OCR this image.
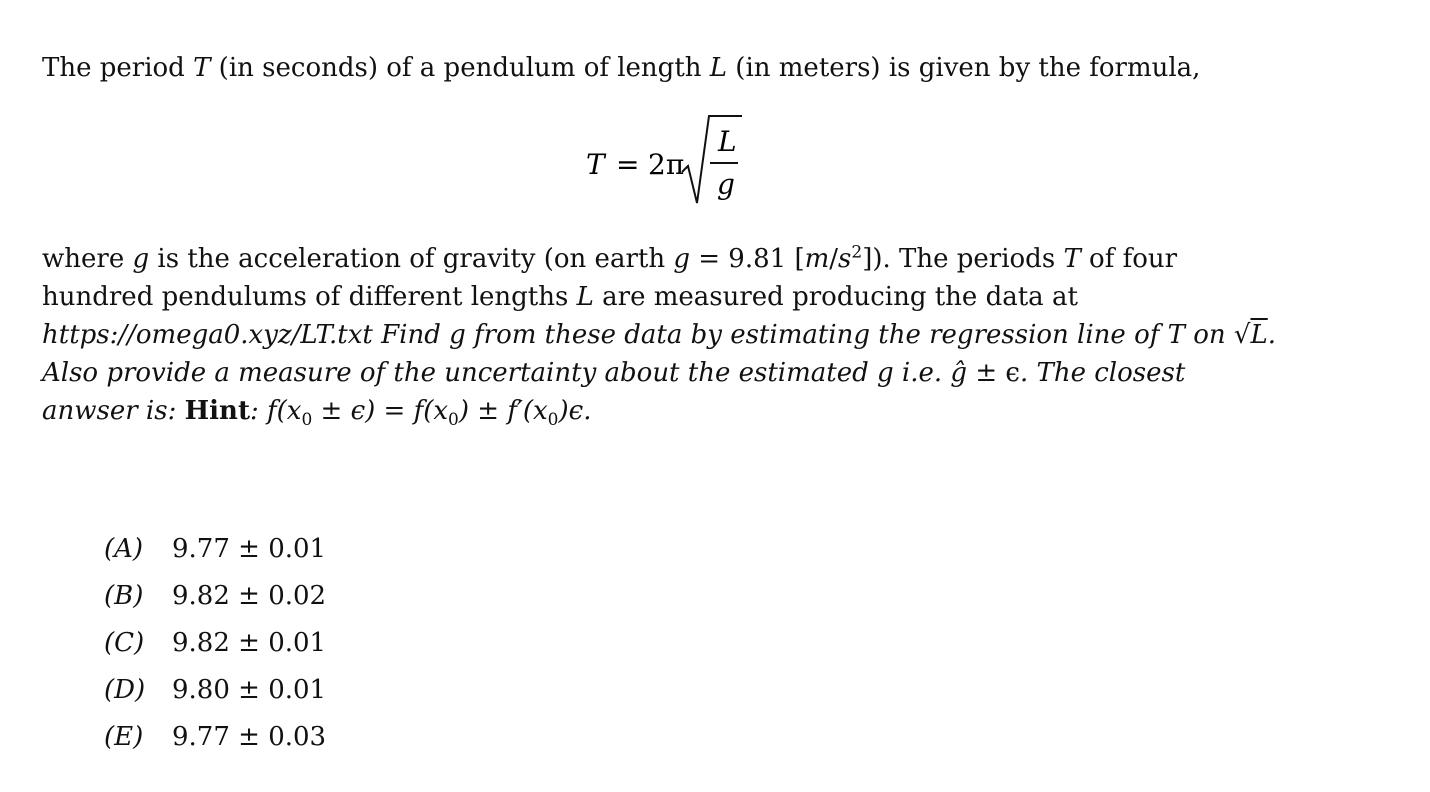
The period T (in seconds) of a pendulum of length L (in meters) is given by the formula,
T = 2π
L
g
where g is the acceleration of gravity (on earth g = 9.81 $[m/s^2]$). The periods T of four hundred pendulums of different lengths L are measured producing the data at https://omega0.xyz/LT.txt Find g from these data by estimating the regression line of T on √L. Also provide a measure of the uncertainty about the estimated g i.e. ĝ ± ϵ. The closest anwser is: Hint: $f(x_0 \pm \epsilon) = f(x_0) \pm f'(x_0)\epsilon$.
(A) 9.77 ± 0.01
(B) 9.82 ± 0.02
(C) 9.82 ± 0.01
(D) 9.80 ± 0.01
(E) 9.77 ± 0.03
